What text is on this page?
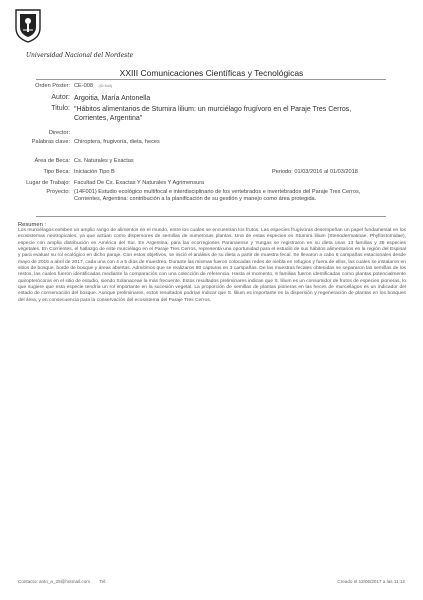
Universidad Nacional del Nordeste
XXIII Comunicaciones Científicas y Tecnológicas
Orden Poster: CE-008 (ID 644)
Autor: Argoitia, María Antonella
Titulo: "Hábitos alimentarios de Sturnira lilium: un murciélago frugívoro en el Paraje Tres Cerros, Corrientes, Argentina"
Director:
Palabras clave: Chiroptera, frugivoría, dieta, heces
Área de Beca: Cs. Naturales y Exactas
Tipo Beca: Iniciación Tipo B	Periodo: 01/03/2016 al 01/03/2018
Lugar de Trabajo: Facultad De Cs. Exactas Y Naturales Y Agrimensura
Proyecto: (14F001) Estudio ecológico multifocal e interdisciplinario de los vertebrados e invertebrados del Paraje Tres Cerros, Corrientes, Argentina: contribución a la planificación de su gestión y manejo como área protegida.
Resumen :
Los murciélagos exhiben un amplio rango de alimentos en el mundo, entre los cuales se encuentran los frutos. Las especies frugívoras desempeñan un papel fundamental en los ecosistemas neotropicales, ya que actúan como dispersores de semillas de numerosas plantas. Una de estas especies es Sturnira lilium (Stenodermatinae, Phyllostomidae), especie con amplia distribución en América del Sur. En Argentina, para las ecorregiones Paranaense y Yungas se registraron en su dieta unas 13 familias y 38 especies vegetales. En Corrientes, el hallazgo de este murciélago en el Paraje Tres Cerros, representa una oportunidad para el estudio de sus hábitos alimentarios en la región del Espinal y para evaluar su rol ecológico en dicho paraje. Con estos objetivos, se inició el análisis de su dieta a partir de muestra fecal. Se llevaron a cabo 6 campañas estacionales desde mayo de 2016 a abril de 2017, cada una con 4 a 5 días de muestreo. Durante las mismas fueron colocadas redes de niebla en refugios y fuera de ellos, las cuales se instalaron en sitios de bosque, borde de bosque y áreas abiertas. Admitimos que se realizaron 80 capturas en 3 campañas. De las muestras fecales obtenidas se separaron las semillas de los restos, las cuales fueron identificadas mediante la comparación con una colección de referencia. Hasta el momento, 6 familias fueron identificadas como plantas potencialmente quiropterócoras en el sitio de estudio, siendo Solanaceae la más frecuente. Estos resultados preliminares indican que S. lilium es un consumidor de frutos de especies pioneras, lo que sugiere que esta especie tendría un rol importante en la sucesión vegetal. La proporción de semillas de plantas pioneras en las heces de murciélagos es un indicador del estado de conservación del bosque. Aunque preliminares, estos resultados podrían indicar que S. lilium es importante en la dispersión y regeneración de plantas en los bosques del área, y en consecuencia para la conservación del ecosistema del Paraje Tres Cerros.
Contacto: anto_a_25@hotmail.com Tel:	Creado el 13/06/2017 a las 11:12
